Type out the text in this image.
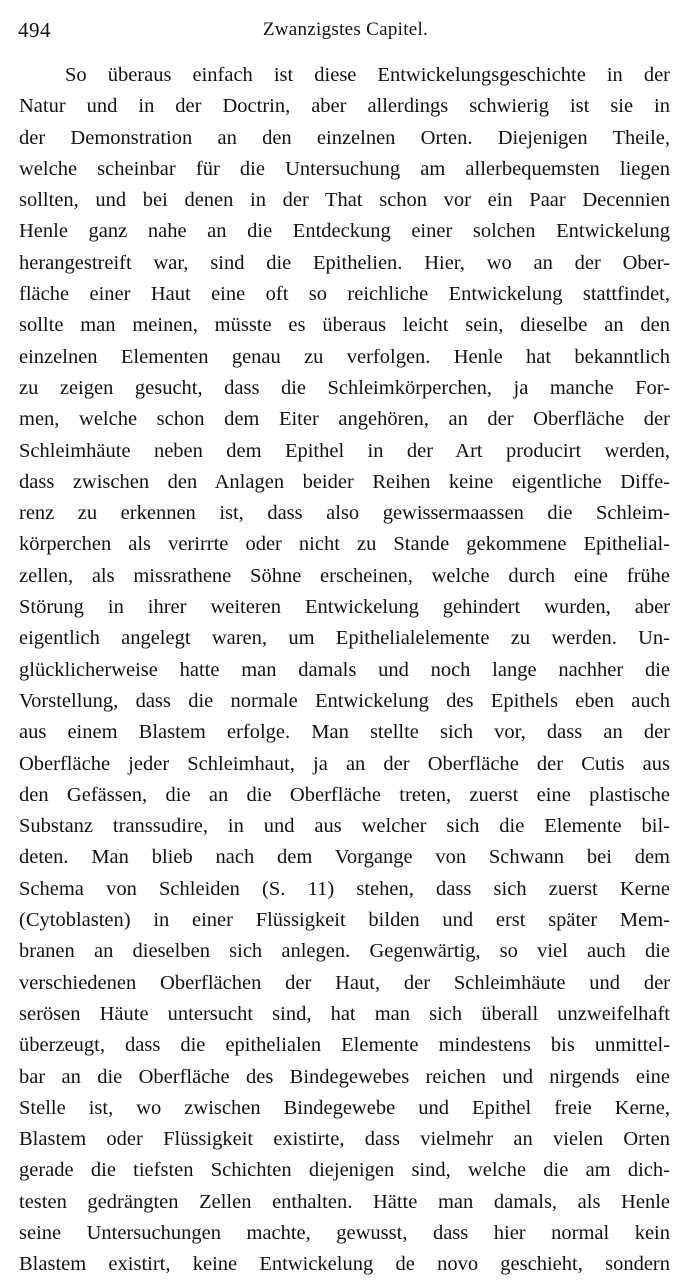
494	Zwanzigstes Capitel.
So überaus einfach ist diese Entwickelungsgeschichte in der
Natur und in der Doctrin, aber allerdings schwierig ist sie in
der Demonstration an den einzelnen Orten. Diejenigen Theile,
welche scheinbar für die Untersuchung am allerbequemsten liegen
sollten, und bei denen in der That schon vor ein Paar Decennien
Henle ganz nahe an die Entdeckung einer solchen Entwickelung
herangestreift war, sind die Epithelien. Hier, wo an der Ober-
fläche einer Haut eine oft so reichliche Entwickelung stattfindet,
sollte man meinen, müsste es überaus leicht sein, dieselbe an den
einzelnen Elementen genau zu verfolgen. Henle hat bekanntlich
zu zeigen gesucht, dass die Schleimkörperchen, ja manche For-
men, welche schon dem Eiter angehören, an der Oberfläche der
Schleimhäute neben dem Epithel in der Art producirt werden,
dass zwischen den Anlagen beider Reihen keine eigentliche Diffe-
renz zu erkennen ist, dass also gewissermaassen die Schleim-
körperchen als verirrte oder nicht zu Stande gekommene Epithelial-
zellen, als missrathene Söhne erscheinen, welche durch eine frühe
Störung in ihrer weiteren Entwickelung gehindert wurden, aber
eigentlich angelegt waren, um Epithelialelemente zu werden. Un-
glücklicherweise hatte man damals und noch lange nachher die
Vorstellung, dass die normale Entwickelung des Epithels eben auch
aus einem Blastem erfolge. Man stellte sich vor, dass an der
Oberfläche jeder Schleimhaut, ja an der Oberfläche der Cutis aus
den Gefässen, die an die Oberfläche treten, zuerst eine plastische
Substanz transsudire, in und aus welcher sich die Elemente bil-
deten. Man blieb nach dem Vorgange von Schwann bei dem
Schema von Schleiden (S. 11) stehen, dass sich zuerst Kerne
(Cytoblasten) in einer Flüssigkeit bilden und erst später Mem-
branen an dieselben sich anlegen. Gegenwärtig, so viel auch die
verschiedenen Oberflächen der Haut, der Schleimhäute und der
serösen Häute untersucht sind, hat man sich überall unzweifelhaft
überzeugt, dass die epithelialen Elemente mindestens bis unmittel-
bar an die Oberfläche des Bindegewebes reichen und nirgends eine
Stelle ist, wo zwischen Bindegewebe und Epithel freie Kerne,
Blastem oder Flüssigkeit existirte, dass vielmehr an vielen Orten
gerade die tiefsten Schichten diejenigen sind, welche die am dich-
testen gedrängten Zellen enthalten. Hätte man damals, als Henle
seine Untersuchungen machte, gewusst, dass hier normal kein
Blastem existirt, keine Entwickelung de novo geschieht, sondern
